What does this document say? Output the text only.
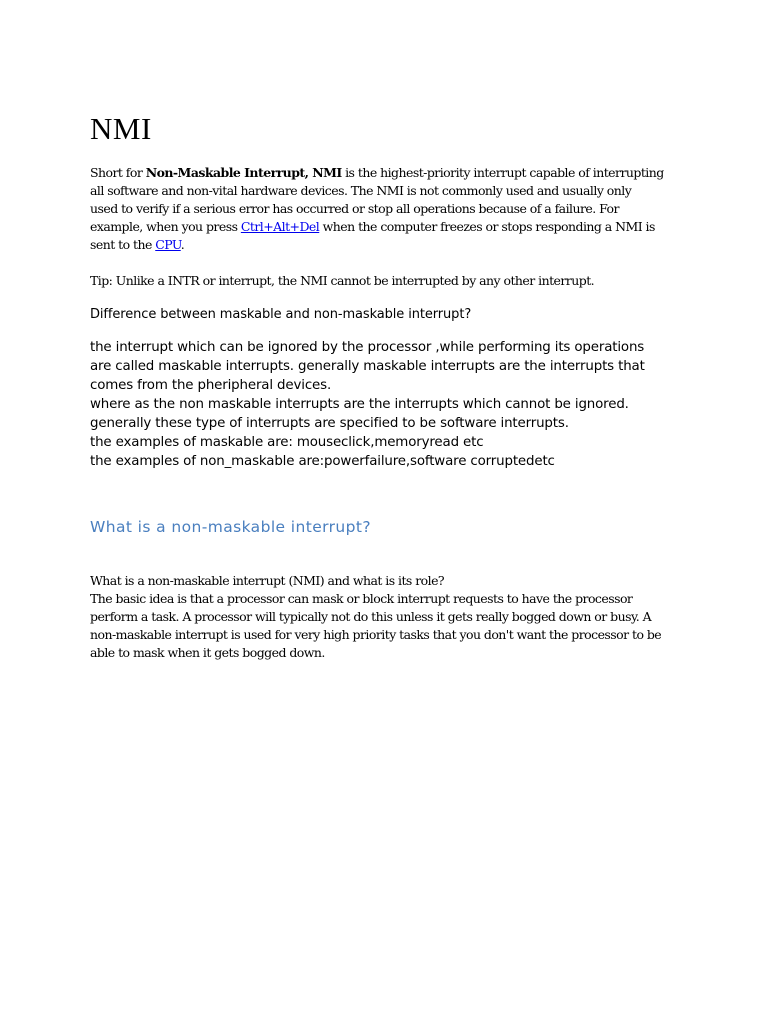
NMI
Short for Non-Maskable Interrupt, NMI is the highest-priority interrupt capable of interrupting
all software and non-vital hardware devices. The NMI is not commonly used and usually only
used to verify if a serious error has occurred or stop all operations because of a failure. For
example, when you press Ctrl+Alt+Del when the computer freezes or stops responding a NMI is
sent to the CPU.

Tip: Unlike a INTR or interrupt, the NMI cannot be interrupted by any other interrupt.

Difference between maskable and non-maskable interrupt?

the interrupt which can be ignored by the processor ,while performing its operations
are called maskable interrupts. generally maskable interrupts are the interrupts that
comes from the pheripheral devices.
where as the non maskable interrupts are the interrupts which cannot be ignored.
generally these type of interrupts are specified to be software interrupts.
the examples of maskable are: mouseclick,memoryread etc
the examples of non_maskable are:powerfailure,software corruptedetc
What is a non-maskable interrupt?
What is a non-maskable interrupt (NMI) and what is its role?
The basic idea is that a processor can mask or block interrupt requests to have the processor
perform a task. A processor will typically not do this unless it gets really bogged down or busy. A
non-maskable interrupt is used for very high priority tasks that you don't want the processor to be
able to mask when it gets bogged down.
